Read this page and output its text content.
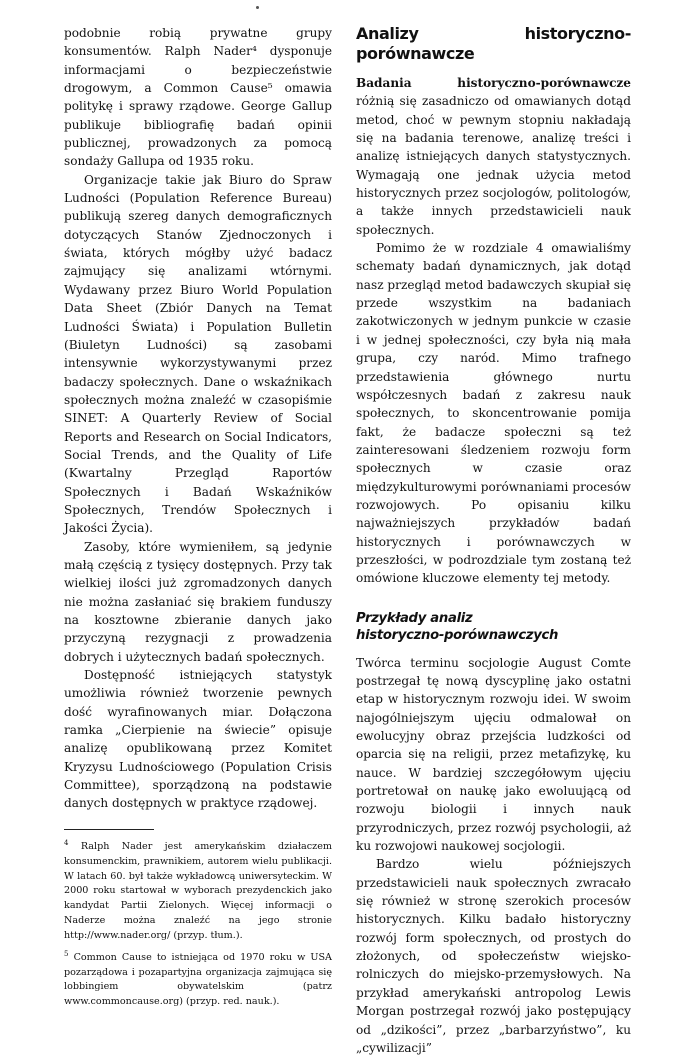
podobnie robią prywatne grupy konsumentów. Ralph Nader⁴ dysponuje informacjami o bezpieczeństwie drogowym, a Common Cause⁵ omawia politykę i sprawy rządowe. George Gallup publikuje bibliografię badań opinii publicznej, prowadzonych za pomocą sondaży Gallupa od 1935 roku.

Organizacje takie jak Biuro do Spraw Ludności (Population Reference Bureau) publikują szereg danych demograficznych dotyczących Stanów Zjednoczonych i świata, których mógłby użyć badacz zajmujący się analizami wtórnymi. Wydawany przez Biuro World Population Data Sheet (Zbiór Danych na Temat Ludności Świata) i Population Bulletin (Biuletyn Ludności) są zasobami intensywnie wykorzystywanymi przez badaczy społecznych. Dane o wskaźnikach społecznych można znaleźć w czasopiśmie SINET: A Quarterly Review of Social Reports and Research on Social Indicators, Social Trends, and the Quality of Life (Kwartalny Przegląd Raportów Społecznych i Badań Wskaźników Społecznych, Trendów Społecznych i Jakości Życia).

Zasoby, które wymieniłem, są jedynie małą częścią z tysięcy dostępnych. Przy tak wielkiej ilości już zgromadzonych danych nie można zasłaniać się brakiem funduszy na kosztowne zbieranie danych jako przyczyną rezygnacji z prowadzenia dobrych i użytecznych badań społecznych.

Dostępność istniejących statystyk umożliwia również tworzenie pewnych dość wyrafinowanych miar. Dołączona ramka „Cierpienie na świecie” opisuje analizę opublikowaną przez Komitet Kryzysu Ludnościowego (Population Crisis Committee), sporządzoną na podstawie danych dostępnych w praktyce rządowej.

$^4$ Ralph Nader jest amerykańskim działaczem konsumenckim, prawnikiem, autorem wielu publikacji. W latach 60. był także wykładowcą uniwersyteckim. W 2000 roku startował w wyborach prezydenckich jako kandydat Partii Zielonych. Więcej informacji o Naderze można znaleźć na jego stronie http://www.nader.org/ (przyp. tłum.).
$^5$ Common Cause to istniejąca od 1970 roku w USA pozarządowa i pozapartyjna organizacja zajmująca się lobbingiem obywatelskim (patrz www.commoncause.org) (przyp. red. nauk.).
Analizy historyczno-porównawcze

Badania historyczno-porównawcze różnią się zasadniczo od omawianych dotąd metod, choć w pewnym stopniu nakładają się na badania terenowe, analizę treści i analizę istniejących danych statystycznych. Wymagają one jednak użycia metod historycznych przez socjologów, politologów, a także innych przedstawicieli nauk społecznych.

Pomimo że w rozdziale 4 omawialiśmy schematy badań dynamicznych, jak dotąd nasz przegląd metod badawczych skupiał się przede wszystkim na badaniach zakotwiczonych w jednym punkcie w czasie i w jednej społeczności, czy była nią mała grupa, czy naród. Mimo trafnego przedstawienia głównego nurtu współczesnych badań z zakresu nauk społecznych, to skoncentrowanie pomija fakt, że badacze społeczni są też zainteresowani śledzeniem rozwoju form społecznych w czasie oraz międzykulturowymi porównaniami procesów rozwojowych. Po opisaniu kilku najważniejszych przykładów badań historycznych i porównawczych w przeszłości, w podrozdziale tym zostaną też omówione kluczowe elementy tej metody.

Przykłady analiz
historyczno-porównawczych

Twórca terminu socjologie August Comte postrzegał tę nową dyscyplinę jako ostatni etap w historycznym rozwoju idei. W swoim najogólniejszym ujęciu odmalował on ewolucyjny obraz przejścia ludzkości od oparcia się na religii, przez metafizykę, ku nauce. W bardziej szczegółowym ujęciu portretował on naukę jako ewoluującą od rozwoju biologii i innych nauk przyrodniczych, przez rozwój psychologii, aż ku rozwojowi naukowej socjologii.

Bardzo wielu późniejszych przedstawicieli nauk społecznych zwracało się również w stronę szerokich procesów historycznych. Kilku badało historyczny rozwój form społecznych, od prostych do złożonych, od społeczeństw wiejsko-rolniczych do miejsko-przemysłowych. Na przykład amerykański antropolog Lewis Morgan postrzegał rozwój jako postępujący od „dzikości”, przez „barbarzyństwo”, ku „cywilizacji”
